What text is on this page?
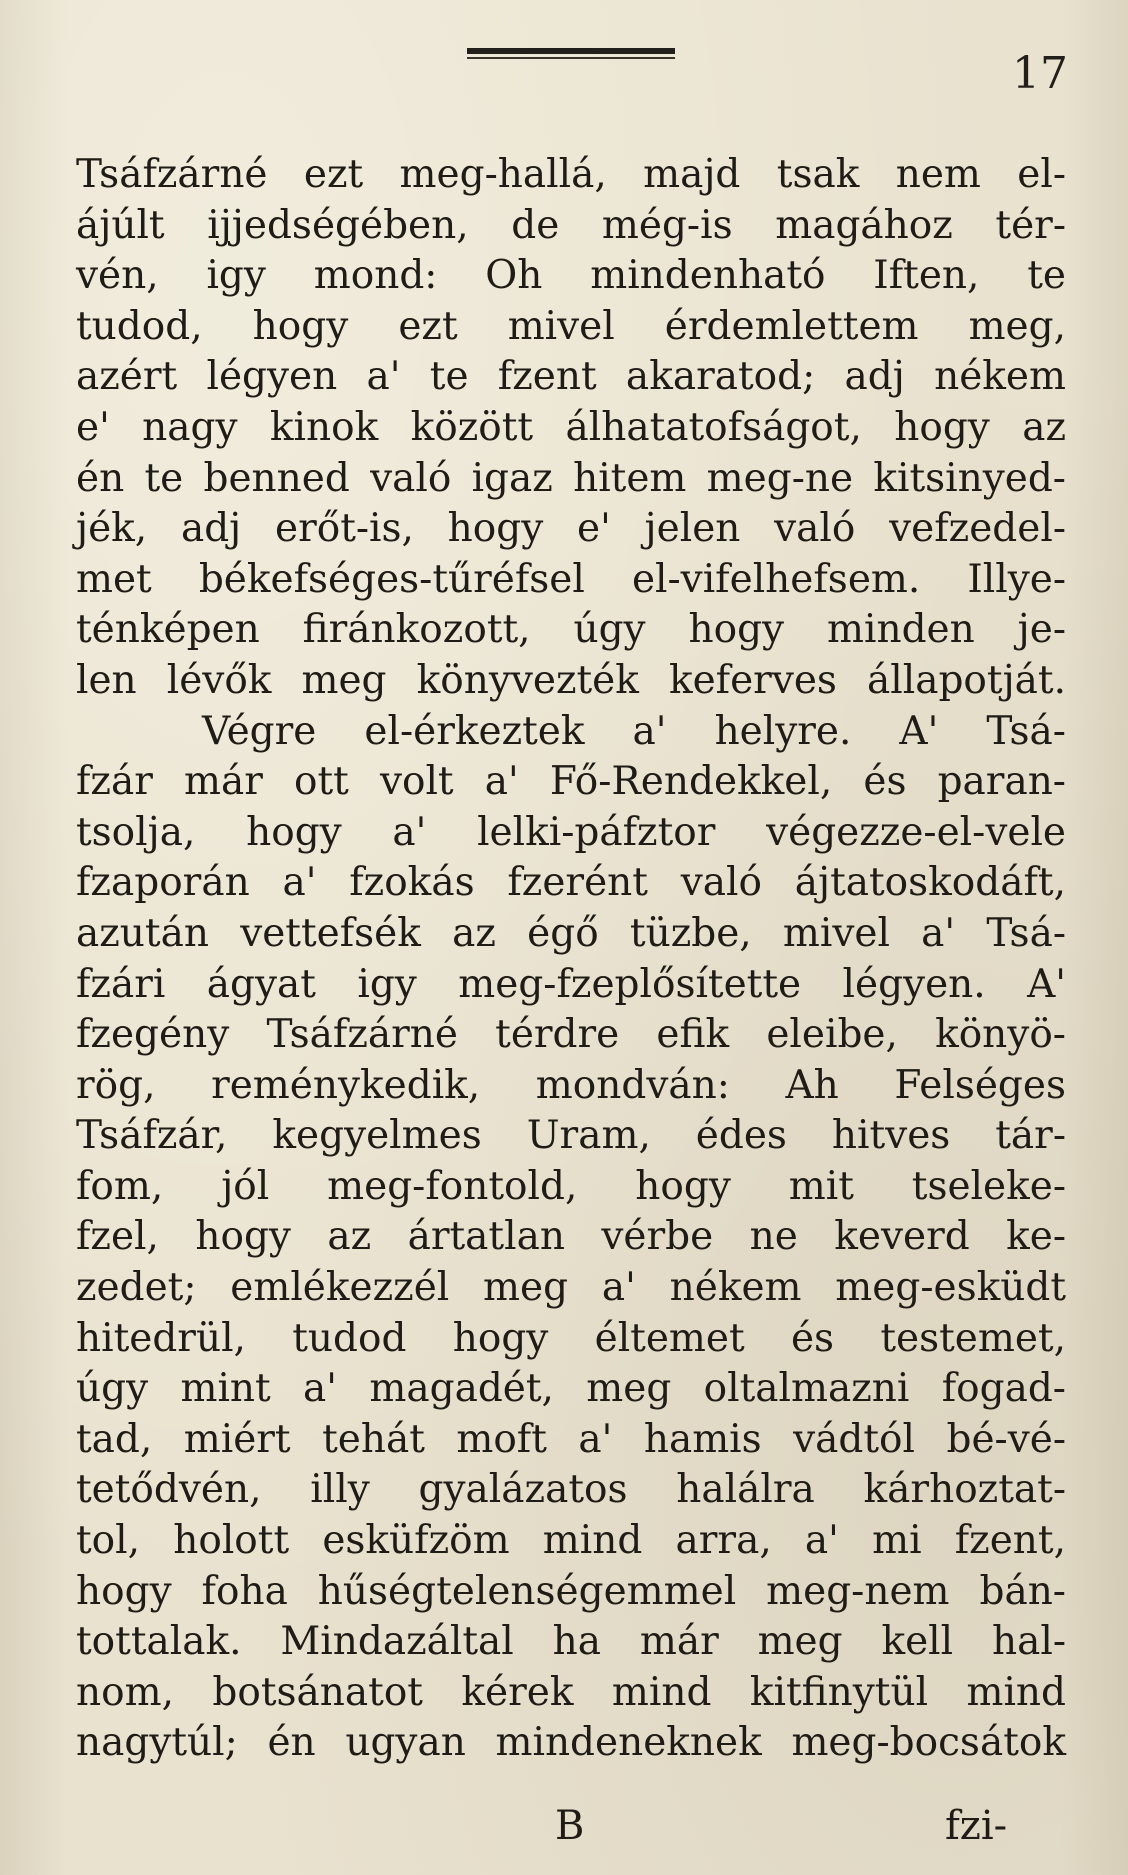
17
Tsáfzárné ezt meg-hallá, majd tsak nem el-
ájúlt ijjedségében, de még-is magához tér-
vén, igy mond: Oh mindenható Iften, te
tudod, hogy ezt mivel érdemlettem meg,
azért légyen a' te fzent akaratod; adj nékem
e' nagy kinok között álhatatofságot, hogy az
én te benned való igaz hitem meg-ne kitsinyed-
jék, adj erőt-is, hogy e' jelen való vefzedel-
met békefséges-tűréfsel el-vifelhefsem. Illye-
ténképen firánkozott, úgy hogy minden je-
len lévők meg könyvezték keferves állapotját.
Végre el-érkeztek a' helyre. A' Tsá-
fzár már ott volt a' Fő-Rendekkel, és paran-
tsolja, hogy a' lelki-páfztor végezze-el-vele
fzaporán a' fzokás fzerént való ájtatoskodáft,
azután vettefsék az égő tüzbe, mivel a' Tsá-
fzári ágyat igy meg-fzeplősítette légyen. A'
fzegény Tsáfzárné térdre efik eleibe, könyö-
rög, reménykedik, mondván: Ah Felséges
Tsáfzár, kegyelmes Uram, édes hitves tár-
fom, jól meg-fontold, hogy mit tseleke-
fzel, hogy az ártatlan vérbe ne keverd ke-
zedet; emlékezzél meg a' nékem meg-esküdt
hitedrül, tudod hogy éltemet és testemet,
úgy mint a' magadét, meg oltalmazni fogad-
tad, miért tehát moft a' hamis vádtól bé-vé-
tetődvén, illy gyalázatos halálra kárhoztat-
tol, holott esküfzöm mind arra, a' mi fzent,
hogy foha hűségtelenségemmel meg-nem bán-
tottalak. Mindazáltal ha már meg kell hal-
nom, botsánatot kérek mind kitfinytül mind
nagytúl; én ugyan mindeneknek meg-bocsátok
B	fzi-
